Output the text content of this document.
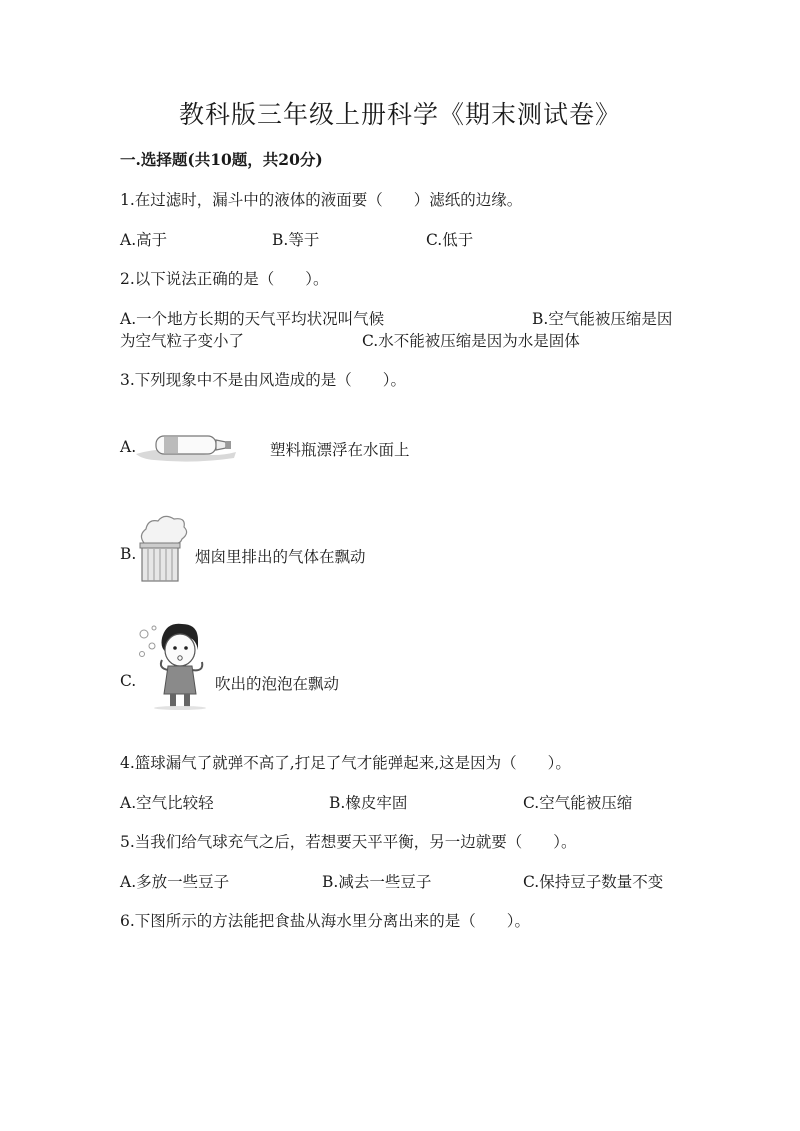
教科版三年级上册科学《期末测试卷》
一.选择题(共10题，共20分)
1.在过滤时，漏斗中的液体的液面要（　　）滤纸的边缘。
A.高于	B.等于	C.低于
2.以下说法正确的是（　　）。
A.一个地方长期的天气平均状况叫气候	B.空气能被压缩是因
为空气粒子变小了	C.水不能被压缩是因为水是固体
3.下列现象中不是由风造成的是（　　）。
A.	塑料瓶漂浮在水面上
B.	烟囱里排出的气体在飘动
C.	吹出的泡泡在飘动
4.篮球漏气了就弹不高了,打足了气才能弹起来,这是因为（　　）。
A.空气比较轻	B.橡皮牢固	C.空气能被压缩
5.当我们给气球充气之后，若想要天平平衡，另一边就要（　　）。
A.多放一些豆子	B.减去一些豆子	C.保持豆子数量不变
6.下图所示的方法能把食盐从海水里分离出来的是（　　）。
